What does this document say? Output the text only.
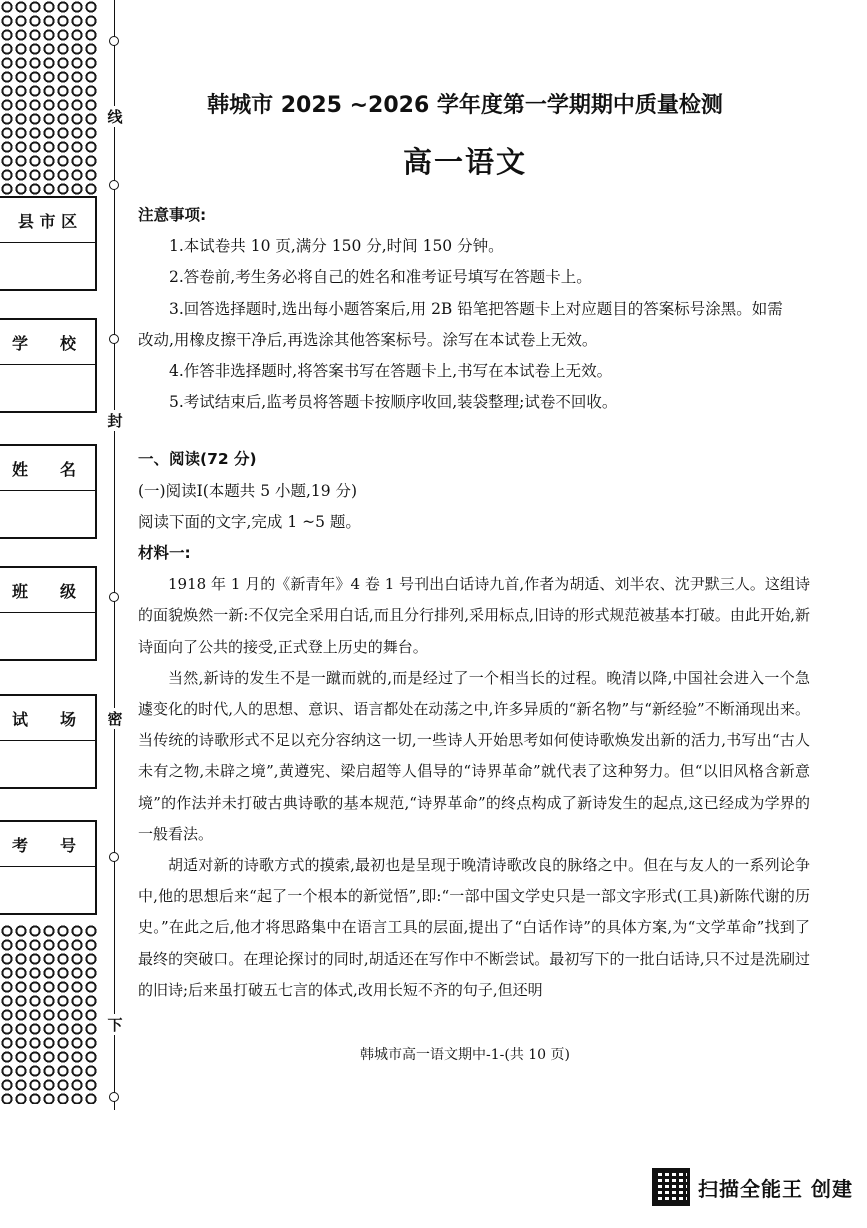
县 市 区
学　　校
姓　　名
班　　级
试　　场
考　　号
线
封
密
下
韩城市 2025 ~2026 学年度第一学期期中质量检测
高一语文

注意事项:

1.本试卷共 10 页,满分 150 分,时间 150 分钟。

2.答卷前,考生务必将自己的姓名和准考证号填写在答题卡上。

3.回答选择题时,选出每小题答案后,用 2B 铅笔把答题卡上对应题目的答案标号涂黑。如需

改动,用橡皮擦干净后,再选涂其他答案标号。涂写在本试卷上无效。

4.作答非选择题时,将答案书写在答题卡上,书写在本试卷上无效。

5.考试结束后,监考员将答题卡按顺序收回,装袋整理;试卷不回收。

一、阅读(72 分)

(一)阅读Ⅰ(本题共 5 小题,19 分)

阅读下面的文字,完成 1 ~5 题。

材料一:

1918 年 1 月的《新青年》4 卷 1 号刊出白话诗九首,作者为胡适、刘半农、沈尹默三人。这组诗的面貌焕然一新:不仅完全采用白话,而且分行排列,采用标点,旧诗的形式规范被基本打破。由此开始,新诗面向了公共的接受,正式登上历史的舞台。

当然,新诗的发生不是一蹴而就的,而是经过了一个相当长的过程。晚清以降,中国社会进入一个急遽变化的时代,人的思想、意识、语言都处在动荡之中,许多异质的“新名物”与“新经验”不断涌现出来。当传统的诗歌形式不足以充分容纳这一切,一些诗人开始思考如何使诗歌焕发出新的活力,书写出“古人未有之物,未辟之境”,黄遵宪、梁启超等人倡导的“诗界革命”就代表了这种努力。但“以旧风格含新意境”的作法并未打破古典诗歌的基本规范,“诗界革命”的终点构成了新诗发生的起点,这已经成为学界的一般看法。

胡适对新的诗歌方式的摸索,最初也是呈现于晚清诗歌改良的脉络之中。但在与友人的一系列论争中,他的思想后来“起了一个根本的新觉悟”,即:“一部中国文学史只是一部文字形式(工具)新陈代谢的历史。”在此之后,他才将思路集中在语言工具的层面,提出了“白话作诗”的具体方案,为“文学革命”找到了最终的突破口。在理论探讨的同时,胡适还在写作中不断尝试。最初写下的一批白话诗,只不过是洗刷过的旧诗;后来虽打破五七言的体式,改用长短不齐的句子,但还明

韩城市高一语文期中-1-(共 10 页)
扫描全能王 创建
